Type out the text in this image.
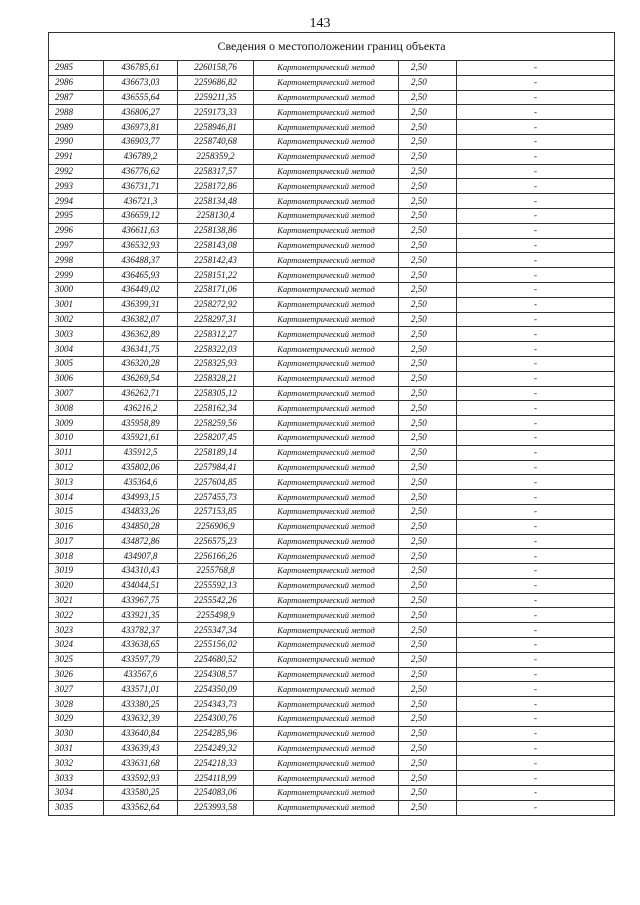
143
Сведения о местоположении границ объекта					
2985	436785,61	2260158,76	Картометрический метод	2,50	-
2986	436673,03	2259686,82	Картометрический метод	2,50	-
2987	436555,64	2259211,35	Картометрический метод	2,50	-
2988	436806,27	2259173,33	Картометрический метод	2,50	-
2989	436973,81	2258946,81	Картометрический метод	2,50	-
2990	436903,77	2258740,68	Картометрический метод	2,50	-
2991	436789,2	2258359,2	Картометрический метод	2,50	-
2992	436776,62	2258317,57	Картометрический метод	2,50	-
2993	436731,71	2258172,86	Картометрический метод	2,50	-
2994	436721,3	2258134,48	Картометрический метод	2,50	-
2995	436659,12	2258130,4	Картометрический метод	2,50	-
2996	436611,63	2258138,86	Картометрический метод	2,50	-
2997	436532,93	2258143,08	Картометрический метод	2,50	-
2998	436488,37	2258142,43	Картометрический метод	2,50	-
2999	436465,93	2258151,22	Картометрический метод	2,50	-
3000	436449,02	2258171,06	Картометрический метод	2,50	-
3001	436399,31	2258272,92	Картометрический метод	2,50	-
3002	436382,07	2258297,31	Картометрический метод	2,50	-
3003	436362,89	2258312,27	Картометрический метод	2,50	-
3004	436341,75	2258322,03	Картометрический метод	2,50	-
3005	436320,28	2258325,93	Картометрический метод	2,50	-
3006	436269,54	2258328,21	Картометрический метод	2,50	-
3007	436262,71	2258305,12	Картометрический метод	2,50	-
3008	436216,2	2258162,34	Картометрический метод	2,50	-
3009	435958,89	2258259,56	Картометрический метод	2,50	-
3010	435921,61	2258207,45	Картометрический метод	2,50	-
3011	435912,5	2258189,14	Картометрический метод	2,50	-
3012	435802,06	2257984,41	Картометрический метод	2,50	-
3013	435364,6	2257604,85	Картометрический метод	2,50	-
3014	434993,15	2257455,73	Картометрический метод	2,50	-
3015	434833,26	2257153,85	Картометрический метод	2,50	-
3016	434850,28	2256906,9	Картометрический метод	2,50	-
3017	434872,86	2256575,23	Картометрический метод	2,50	-
3018	434907,8	2256166,26	Картометрический метод	2,50	-
3019	434310,43	2255768,8	Картометрический метод	2,50	-
3020	434044,51	2255592,13	Картометрический метод	2,50	-
3021	433967,75	2255542,26	Картометрический метод	2,50	-
3022	433921,35	2255498,9	Картометрический метод	2,50	-
3023	433782,37	2255347,34	Картометрический метод	2,50	-
3024	433638,65	2255156,02	Картометрический метод	2,50	-
3025	433597,79	2254680,52	Картометрический метод	2,50	-
3026	433567,6	2254308,57	Картометрический метод	2,50	-
3027	433571,01	2254350,09	Картометрический метод	2,50	-
3028	433380,25	2254343,73	Картометрический метод	2,50	-
3029	433632,39	2254300,76	Картометрический метод	2,50	-
3030	433640,84	2254285,96	Картометрический метод	2,50	-
3031	433639,43	2254249,32	Картометрический метод	2,50	-
3032	433631,68	2254218,33	Картометрический метод	2,50	-
3033	433592,93	2254118,99	Картометрический метод	2,50	-
3034	433580,25	2254083,06	Картометрический метод	2,50	-
3035	433562,64	2253993,58	Картометрический метод	2,50	-
